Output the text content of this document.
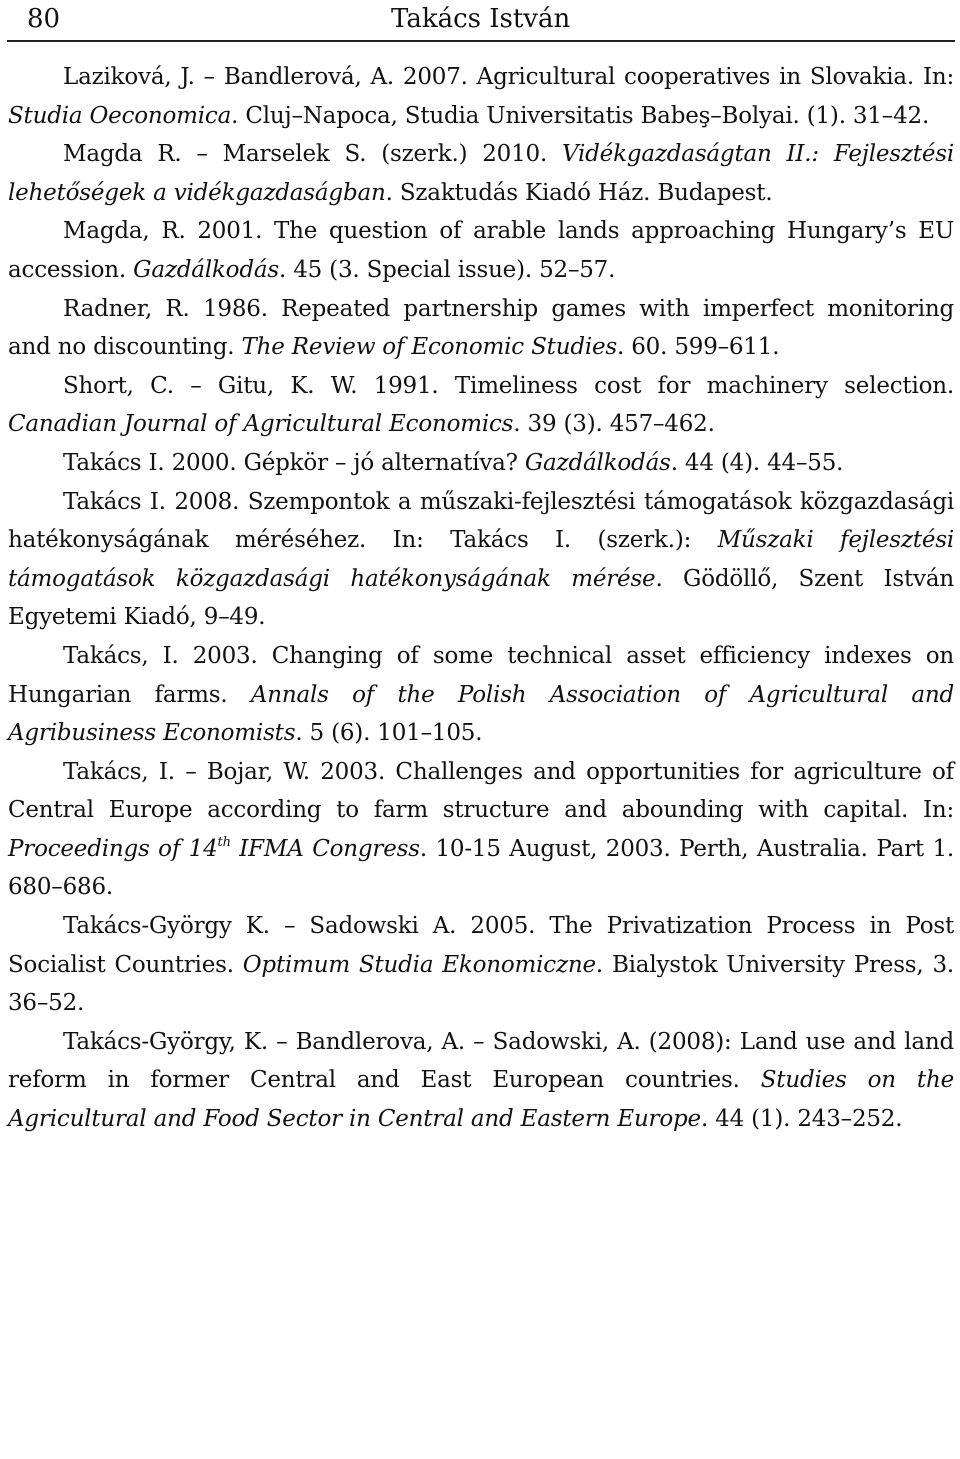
80	Takács István

Laziková, J. – Bandlerová, A. 2007. Agricultural cooperatives in Slovakia. In: Studia Oeconomica. Cluj–Napoca, Studia Universitatis Babeş–Bolyai. (1). 31–42.

Magda R. – Marselek S. (szerk.) 2010. Vidékgazdaságtan II.: Fejlesztési lehetőségek a vidékgazdaságban. Szaktudás Kiadó Ház. Budapest.

Magda, R. 2001. The question of arable lands approaching Hungary’s EU accession. Gazdálkodás. 45 (3. Special issue). 52–57.

Radner, R. 1986. Repeated partnership games with imperfect monitoring and no discounting. The Review of Economic Studies. 60. 599–611.

Short, C. – Gitu, K. W. 1991. Timeliness cost for machinery selection. Canadian Journal of Agricultural Economics. 39 (3). 457–462.

Takács I. 2000. Gépkör – jó alternatíva? Gazdálkodás. 44 (4). 44–55.

Takács I. 2008. Szempontok a műszaki-fejlesztési támogatások közgazdasági hatékonyságának méréséhez. In: Takács I. (szerk.): Műszaki fejlesztési támogatások közgazdasági hatékonyságának mérése. Gödöllő, Szent István Egyetemi Kiadó, 9–49.

Takács, I. 2003. Changing of some technical asset efficiency indexes on Hungarian farms. Annals of the Polish Association of Agricultural and Agribusiness Economists. 5 (6). 101–105.

Takács, I. – Bojar, W. 2003. Challenges and opportunities for agriculture of Central Europe according to farm structure and abounding with capital. In: Proceedings of 14th IFMA Congress. 10-15 August, 2003. Perth, Australia. Part 1. 680–686.

Takács-György K. – Sadowski A. 2005. The Privatization Process in Post Socialist Countries. Optimum Studia Ekonomiczne. Bialystok University Press, 3. 36–52.

Takács-György, K. – Bandlerova, A. – Sadowski, A. (2008): Land use and land reform in former Central and East European countries. Studies on the Agricultural and Food Sector in Central and Eastern Europe. 44 (1). 243–252.
